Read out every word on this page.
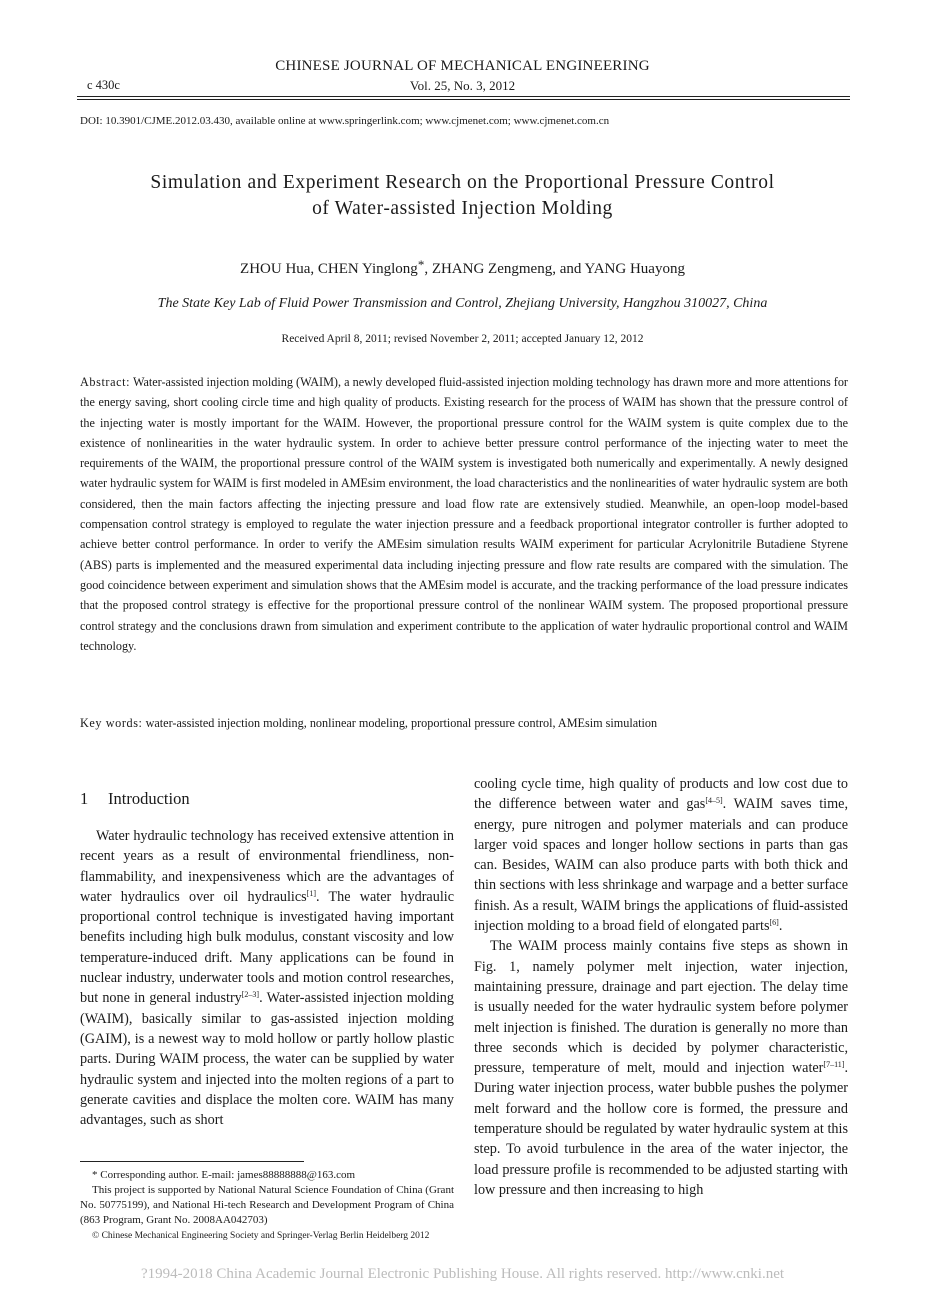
CHINESE JOURNAL OF MECHANICAL ENGINEERING
c 430c	Vol. 25, No. 3, 2012
DOI: 10.3901/CJME.2012.03.430, available online at www.springerlink.com; www.cjmenet.com; www.cjmenet.com.cn
Simulation and Experiment Research on the Proportional Pressure Control
of Water-assisted Injection Molding
ZHOU Hua, CHEN Yinglong*, ZHANG Zengmeng, and YANG Huayong
The State Key Lab of Fluid Power Transmission and Control, Zhejiang University, Hangzhou 310027, China
Received April 8, 2011; revised November 2, 2011; accepted January 12, 2012
Abstract: Water-assisted injection molding (WAIM), a newly developed fluid-assisted injection molding technology has drawn more and more attentions for the energy saving, short cooling circle time and high quality of products. Existing research for the process of WAIM has shown that the pressure control of the injecting water is mostly important for the WAIM. However, the proportional pressure control for the WAIM system is quite complex due to the existence of nonlinearities in the water hydraulic system. In order to achieve better pressure control performance of the injecting water to meet the requirements of the WAIM, the proportional pressure control of the WAIM system is investigated both numerically and experimentally. A newly designed water hydraulic system for WAIM is first modeled in AMEsim environment, the load characteristics and the nonlinearities of water hydraulic system are both considered, then the main factors affecting the injecting pressure and load flow rate are extensively studied. Meanwhile, an open-loop model-based compensation control strategy is employed to regulate the water injection pressure and a feedback proportional integrator controller is further adopted to achieve better control performance. In order to verify the AMEsim simulation results WAIM experiment for particular Acrylonitrile Butadiene Styrene (ABS) parts is implemented and the measured experimental data including injecting pressure and flow rate results are compared with the simulation. The good coincidence between experiment and simulation shows that the AMEsim model is accurate, and the tracking performance of the load pressure indicates that the proposed control strategy is effective for the proportional pressure control of the nonlinear WAIM system. The proposed proportional pressure control strategy and the conclusions drawn from simulation and experiment contribute to the application of water hydraulic proportional control and WAIM technology.
Key words: water-assisted injection molding, nonlinear modeling, proportional pressure control, AMEsim simulation
1 Introduction

Water hydraulic technology has received extensive attention in recent years as a result of environmental friendliness, non-flammability, and inexpensiveness which are the advantages of water hydraulics over oil hydraulics[1]. The water hydraulic proportional control technique is investigated having important benefits including high bulk modulus, constant viscosity and low temperature-induced drift. Many applications can be found in nuclear industry, underwater tools and motion control researches, but none in general industry[2–3]. Water-assisted injection molding (WAIM), basically similar to gas-assisted injection molding (GAIM), is a newest way to mold hollow or partly hollow plastic parts. During WAIM process, the water can be supplied by water hydraulic system and injected into the molten regions of a part to generate cavities and displace the molten core. WAIM has many advantages, such as short

cooling cycle time, high quality of products and low cost due to the difference between water and gas[4–5]. WAIM saves time, energy, pure nitrogen and polymer materials and can produce larger void spaces and longer hollow sections in parts than gas can. Besides, WAIM can also produce parts with both thick and thin sections with less shrinkage and warpage and a better surface finish. As a result, WAIM brings the applications of fluid-assisted injection molding to a broad field of elongated parts[6].

The WAIM process mainly contains five steps as shown in Fig. 1, namely polymer melt injection, water injection, maintaining pressure, drainage and part ejection. The delay time is usually needed for the water hydraulic system before polymer melt injection is finished. The duration is generally no more than three seconds which is decided by polymer characteristic, pressure, temperature of melt, mould and injection water[7–11]. During water injection process, water bubble pushes the polymer melt forward and the hollow core is formed, the pressure and temperature should be regulated by water hydraulic system at this step. To avoid turbulence in the area of the water injector, the load pressure profile is recommended to be adjusted starting with low pressure and then increasing to high

* Corresponding author. E-mail: james88888888@163.com
This project is supported by National Natural Science Foundation of China (Grant No. 50775199), and National Hi-tech Research and Development Program of China (863 Program, Grant No. 2008AA042703)
© Chinese Mechanical Engineering Society and Springer-Verlag Berlin Heidelberg 2012
?1994-2018 China Academic Journal Electronic Publishing House. All rights reserved. http://www.cnki.net
